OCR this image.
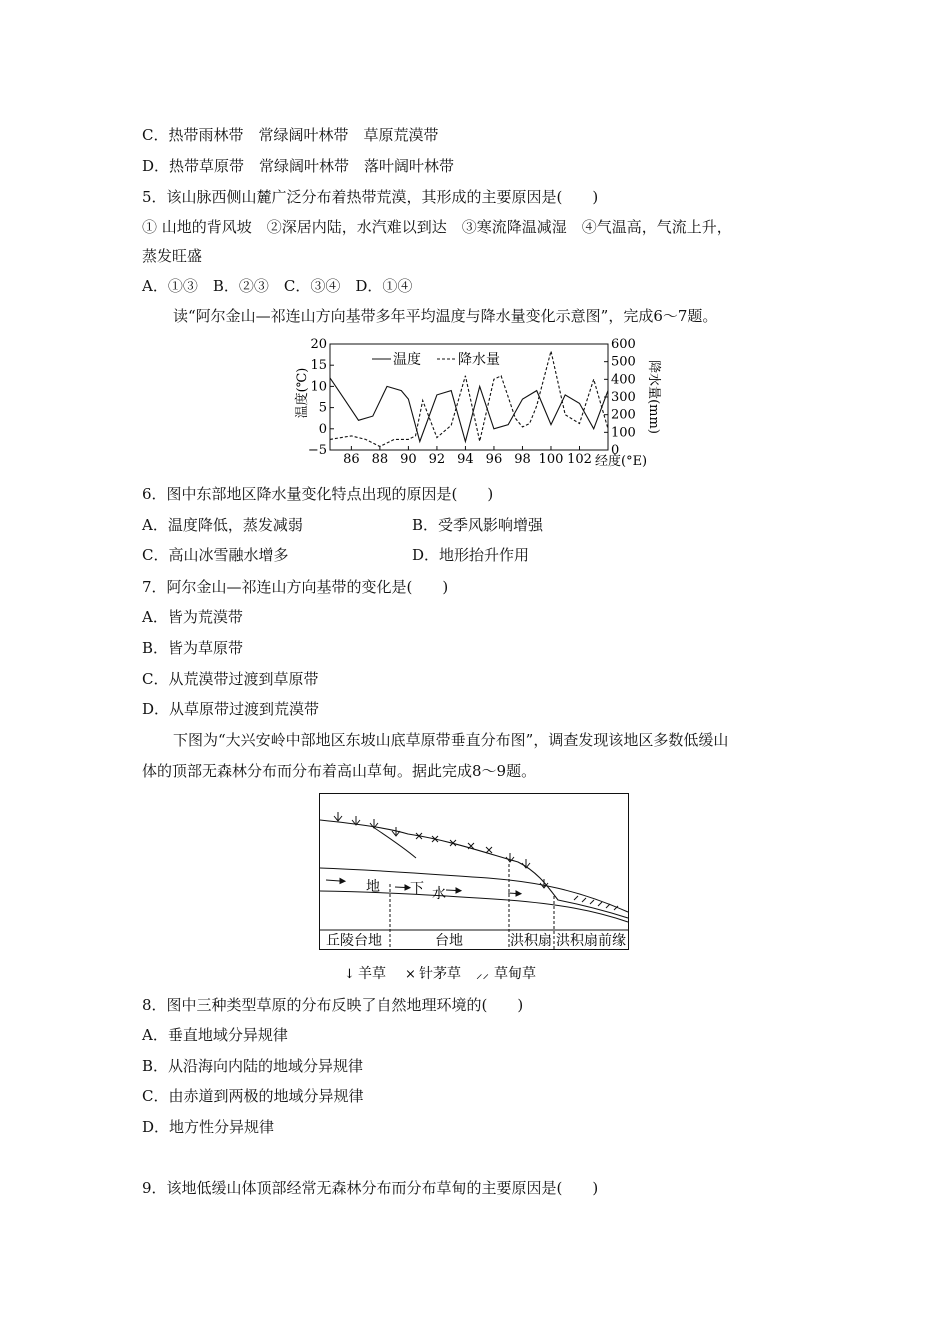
C．热带雨林带　常绿阔叶林带　草原荒漠带
D．热带草原带　常绿阔叶林带　落叶阔叶林带
5．该山脉西侧山麓广泛分布着热带荒漠，其形成的主要原因是(　　)
① 山地的背风坡　②深居内陆，水汽难以到达　③寒流降温减湿　④气温高，气流上升，
蒸发旺盛
A．①③　B．②③　C．③④　D．①④
读“阿尔金山—祁连山方向基带多年平均温度与降水量变化示意图”，完成6～7题。
20
15
10
5
0
−5
600
500
400
300
200
100
0
86 88 90 92 94 96 98 100 102
温度	降水量
温度(℃)	降水量(mm)
经度(°E)
6．图中东部地区降水量变化特点出现的原因是(　　)
A．温度降低，蒸发减弱	B．受季风影响增强
C．高山冰雪融水增多	D．地形抬升作用
7．阿尔金山—祁连山方向基带的变化是(　　)
A．皆为荒漠带
B．皆为草原带
C．从荒漠带过渡到草原带
D．从草原带过渡到荒漠带
下图为“大兴安岭中部地区东坡山底草原带垂直分布图”，调查发现该地区多数低缓山
体的顶部无森林分布而分布着高山草甸。据此完成8～9题。
地 下 水
丘陵台地	台地	洪积扇 洪积扇前缘
↓ 羊草 × 针茅草 ⸝⸝ 草甸草
8．图中三种类型草原的分布反映了自然地理环境的(　　)
A．垂直地域分异规律
B．从沿海向内陆的地域分异规律
C．由赤道到两极的地域分异规律
D．地方性分异规律
9．该地低缓山体顶部经常无森林分布而分布草甸的主要原因是(　　)
